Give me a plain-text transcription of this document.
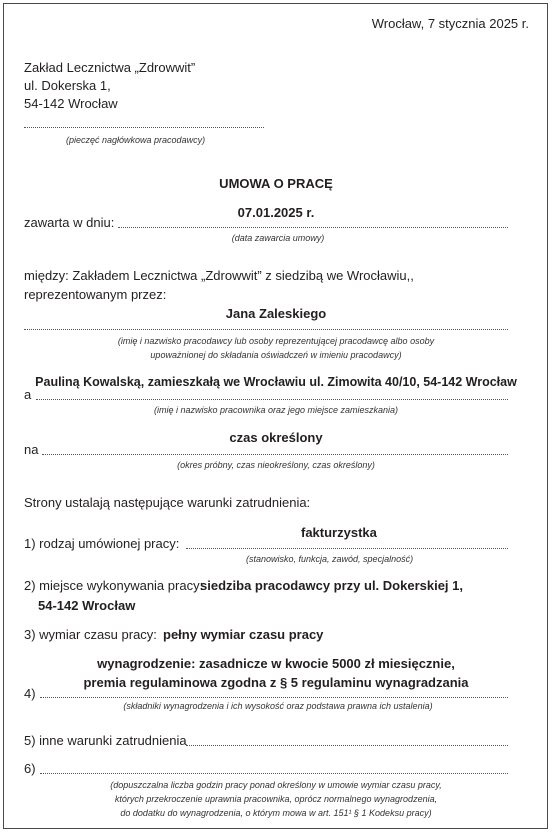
Wrocław, 7 stycznia 2025 r.
Zakład Lecznictwa „Zdrowwit”
ul. Dokerska 1,
54-142 Wrocław
(pieczęć nagłówkowa pracodawcy)
UMOWA O PRACĘ
07.01.2025 r.
zawarta w dniu:
(data zawarcia umowy)
między: Zakładem Lecznictwa „Zdrowwit” z siedzibą we Wrocławiu,,
reprezentowanym przez:
Jana Zaleskiego
(imię i nazwisko pracodawcy lub osoby reprezentującej pracodawcę albo osoby
upoważnionej do składania oświadczeń w imieniu pracodawcy)
Pauliną Kowalską, zamieszkałą we Wrocławiu ul. Zimowita 40/10, 54-142 Wrocław
a
(imię i nazwisko pracownika oraz jego miejsce zamieszkania)
czas określony
na
(okres próbny, czas nieokreślony, czas określony)
Strony ustalają następujące warunki zatrudnienia:
fakturzystka
1) rodzaj umówionej pracy:
(stanowisko, funkcja, zawód, specjalność)
2) miejsce wykonywania pracy:
siedziba pracodawcy przy ul. Dokerskiej 1,
54-142 Wrocław
3) wymiar czasu pracy: pełny wymiar czasu pracy
wynagrodzenie: zasadnicze w kwocie 5000 zł miesięcznie,
premia regulaminowa zgodna z § 5 regulaminu wynagradzania
4)
(składniki wynagrodzenia i ich wysokość oraz podstawa prawna ich ustalenia)
5) inne warunki zatrudnienia
6)
(dopuszczalna liczba godzin pracy ponad określony w umowie wymiar czasu pracy,
których przekroczenie uprawnia pracownika, oprócz normalnego wynagrodzenia,
do dodatku do wynagrodzenia, o którym mowa w art. 151¹ § 1 Kodeksu pracy)
